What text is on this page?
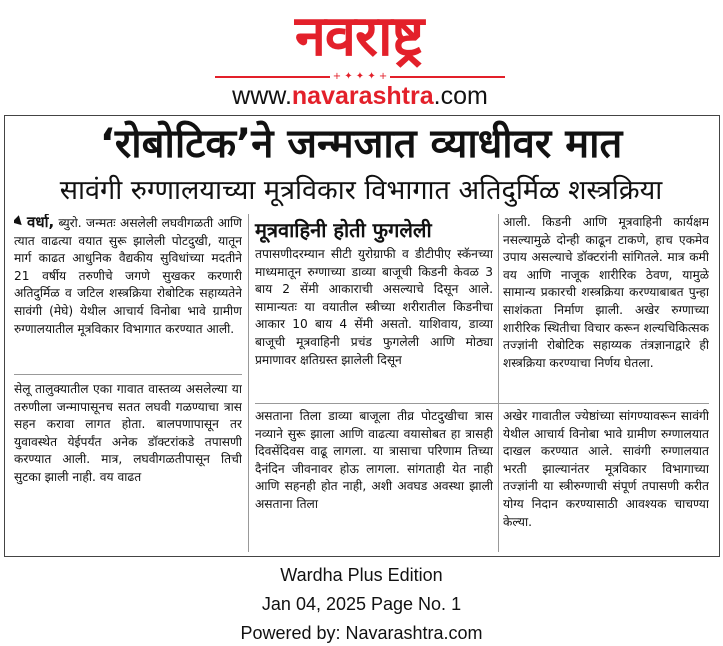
नवराष्ट्र
+ ✦ ✦ ✦ +
www.navarashtra.com
‘रोबोटिक’ने जन्मजात व्याधीवर मात
सावंगी रुग्णालयाच्या मूत्रविकार विभागात अतिदुर्मिळ शस्त्रक्रिया

वर्धा, ब्युरो. जन्मतः असलेली लघवीगळती आणि त्यात वाढत्या वयात सुरू झालेली पोटदुखी, यातून मार्ग काढत आधुनिक वैद्यकीय सुविधांच्या मदतीने 21 वर्षीय तरुणीचे जगणे सुखकर करणारी अतिदुर्मिळ व जटिल शस्त्रक्रिया रोबोटिक सहाय्यतेने सावंगी (मेघे) येथील आचार्य विनोबा भावे ग्रामीण रुग्णालयातील मूत्रविकार विभागात करण्यात आली.

सेलू तालुक्यातील एका गावात वास्तव्य असलेल्या या तरुणीला जन्मापासूनच सतत लघवी गळण्याचा त्रास सहन करावा लागत होता. बालपणापासून तर युवावस्थेत येईपर्यंत अनेक डॉक्टरांकडे तपासणी करण्यात आली. मात्र, लघवीगळतीपासून तिची सुटका झाली नाही. वय वाढत

मूत्रवाहिनी होती फुगलेली

तपासणीदरम्यान सीटी युरोग्राफी व डीटीपीए स्कॅनच्या माध्यमातून रुग्णाच्या डाव्या बाजूची किडनी केवळ 3 बाय 2 सेंमी आकाराची असल्याचे दिसून आले. सामान्यतः या वयातील स्त्रीच्या शरीरातील किडनीचा आकार 10 बाय 4 सेंमी असतो. याशिवाय, डाव्या बाजूची मूत्रवाहिनी प्रचंड फुगलेली आणि मोठ्या प्रमाणावर क्षतिग्रस्त झालेली दिसून

आली. किडनी आणि मूत्रवाहिनी कार्यक्षम नसल्यामुळे दोन्ही काढून टाकणे, हाच एकमेव उपाय असल्याचे डॉक्टरांनी सांगितले. मात्र कमी वय आणि नाजूक शारीरिक ठेवण, यामुळे सामान्य प्रकारची शस्त्रक्रिया करण्याबाबत पुन्हा साशंकता निर्माण झाली. अखेर रुग्णाच्या शारीरिक स्थितीचा विचार करून शल्यचिकित्सक तज्ज्ञांनी रोबोटिक सहाय्यक तंत्रज्ञानाद्वारे ही शस्त्रक्रिया करण्याचा निर्णय घेतला.

असताना तिला डाव्या बाजूला तीव्र पोटदुखीचा त्रास नव्याने सुरू झाला आणि वाढत्या वयासोबत हा त्रासही दिवसेंदिवस वाढू लागला. या त्रासाचा परिणाम तिच्या दैनंदिन जीवनावर होऊ लागला. सांगताही येत नाही आणि सहनही होत नाही, अशी अवघड अवस्था झाली असताना तिला

अखेर गावातील ज्येष्ठांच्या सांगण्यावरून सावंगी येथील आचार्य विनोबा भावे ग्रामीण रुग्णालयात दाखल करण्यात आले. सावंगी रुग्णालयात भरती झाल्यानंतर मूत्रविकार विभागाच्या तज्ज्ञांनी या स्त्रीरुग्णाची संपूर्ण तपासणी करीत योग्य निदान करण्यासाठी आवश्यक चाचण्या केल्या.

Wardha Plus Edition
Jan 04, 2025 Page No. 1
Powered by: Navarashtra.com
